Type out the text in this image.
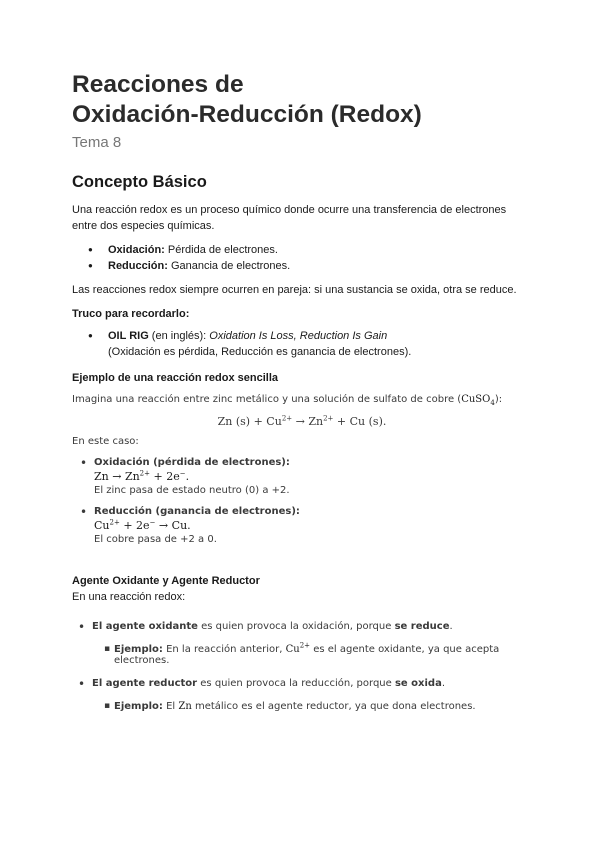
Reacciones de
Oxidación-Reducción (Redox)
Tema 8
Concepto Básico

Una reacción redox es un proceso químico donde ocurre una transferencia de electrones entre dos especies químicas.

● Oxidación: Pérdida de electrones.
● Reducción: Ganancia de electrones.

Las reacciones redox siempre ocurren en pareja: si una sustancia se oxida, otra se reduce.

Truco para recordarlo:
● OIL RIG (en inglés): Oxidation Is Loss, Reduction Is Gain
(Oxidación es pérdida, Reducción es ganancia de electrones).
Ejemplo de una reacción redox sencilla
Imagina una reacción entre zinc metálico y una solución de sulfato de cobre (CuSO$_4$):
Zn $(s) + Cu^{2+} \to Zn^{2+} + Cu$ (s).
En este caso:
• Oxidación (pérdida de electrones):
$Zn \to Zn^{2+} + 2e^-$.
El zinc pasa de estado neutro (0) a +2.
• Reducción (ganancia de electrones):
$Cu^{2+} + 2e^- \to Cu$.
El cobre pasa de +2 a 0.
Agente Oxidante y Agente Reductor

En una reacción redox:

• El agente oxidante es quien provoca la oxidación, porque se reduce.
▪ Ejemplo: En la reacción anterior, $Cu^{2+}$ es el agente oxidante, ya que acepta electrones.
• El agente reductor es quien provoca la reducción, porque se oxida.
▪ Ejemplo: El Zn metálico es el agente reductor, ya que dona electrones.
